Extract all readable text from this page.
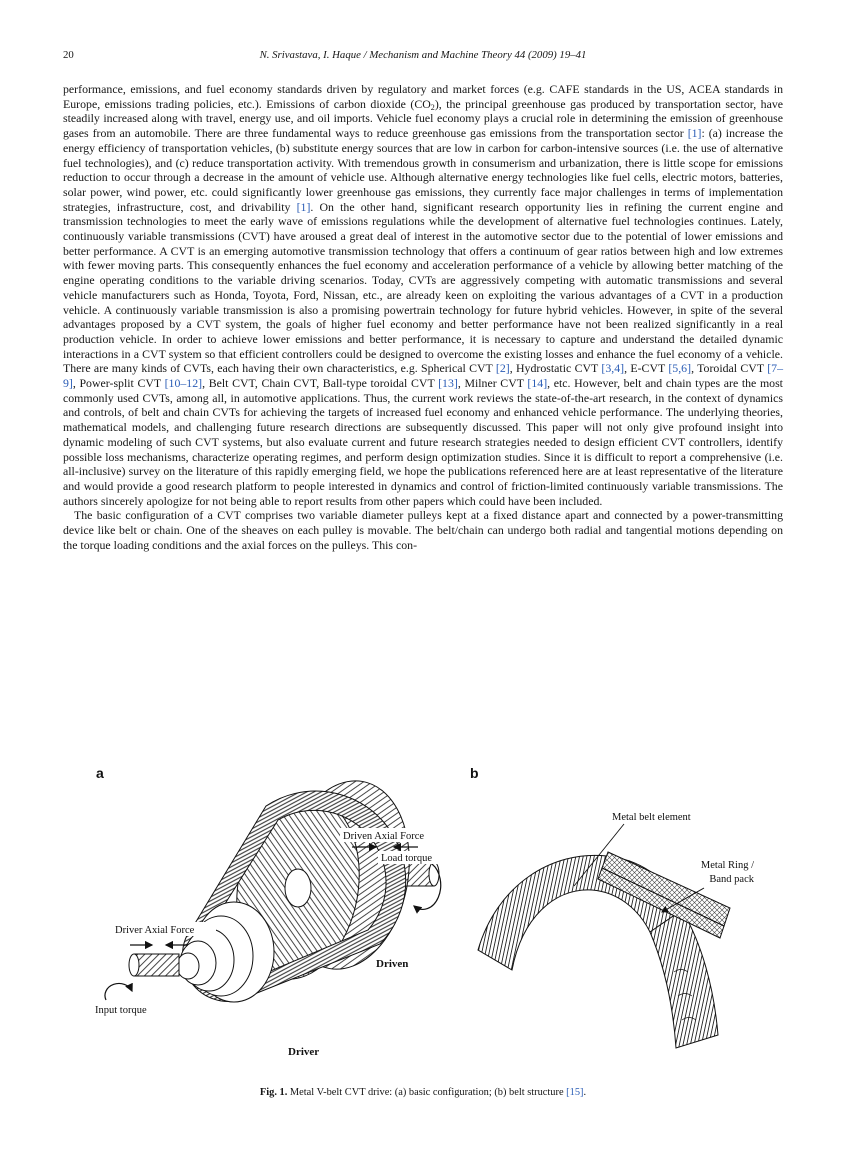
20	N. Srivastava, I. Haque / Mechanism and Machine Theory 44 (2009) 19–41

performance, emissions, and fuel economy standards driven by regulatory and market forces (e.g. CAFE standards in the US, ACEA standards in Europe, emissions trading policies, etc.). Emissions of carbon dioxide $(CO_2)$, the principal greenhouse gas produced by transportation sector, have steadily increased along with travel, energy use, and oil imports. Vehicle fuel economy plays a crucial role in determining the emission of greenhouse gases from an automobile. There are three fundamental ways to reduce greenhouse gas emissions from the transportation sector [1]: (a) increase the energy efficiency of transportation vehicles, (b) substitute energy sources that are low in carbon for carbon-intensive sources (i.e. the use of alternative fuel technologies), and (c) reduce transportation activity. With tremendous growth in consumerism and urbanization, there is little scope for emissions reduction to occur through a decrease in the amount of vehicle use. Although alternative energy technologies like fuel cells, electric motors, batteries, solar power, wind power, etc. could significantly lower greenhouse gas emissions, they currently face major challenges in terms of implementation strategies, infrastructure, cost, and drivability [1]. On the other hand, significant research opportunity lies in refining the current engine and transmission technologies to meet the early wave of emissions regulations while the development of alternative fuel technologies continues. Lately, continuously variable transmissions (CVT) have aroused a great deal of interest in the automotive sector due to the potential of lower emissions and better performance. A CVT is an emerging automotive transmission technology that offers a continuum of gear ratios between high and low extremes with fewer moving parts. This consequently enhances the fuel economy and acceleration performance of a vehicle by allowing better matching of the engine operating conditions to the variable driving scenarios. Today, CVTs are aggressively competing with automatic transmissions and several vehicle manufacturers such as Honda, Toyota, Ford, Nissan, etc., are already keen on exploiting the various advantages of a CVT in a production vehicle. A continuously variable transmission is also a promising powertrain technology for future hybrid vehicles. However, in spite of the several advantages proposed by a CVT system, the goals of higher fuel economy and better performance have not been realized significantly in a real production vehicle. In order to achieve lower emissions and better performance, it is necessary to capture and understand the detailed dynamic interactions in a CVT system so that efficient controllers could be designed to overcome the existing losses and enhance the fuel economy of a vehicle. There are many kinds of CVTs, each having their own characteristics, e.g. Spherical CVT [2], Hydrostatic CVT [3,4], E-CVT [5,6], Toroidal CVT [7–9], Power-split CVT [10–12], Belt CVT, Chain CVT, Ball-type toroidal CVT [13], Milner CVT [14], etc. However, belt and chain types are the most commonly used CVTs, among all, in automotive applications. Thus, the current work reviews the state-of-the-art research, in the context of dynamics and controls, of belt and chain CVTs for achieving the targets of increased fuel economy and enhanced vehicle performance. The underlying theories, mathematical models, and challenging future research directions are subsequently discussed. This paper will not only give profound insight into dynamic modeling of such CVT systems, but also evaluate current and future research strategies needed to design efficient CVT controllers, identify possible loss mechanisms, characterize operating regimes, and perform design optimization studies. Since it is difficult to report a comprehensive (i.e. all-inclusive) survey on the literature of this rapidly emerging field, we hope the publications referenced here are at least representative of the literature and would provide a good research platform to people interested in dynamics and control of friction-limited continuously variable transmissions. The authors sincerely apologize for not being able to report results from other papers which could have been included.

The basic configuration of a CVT comprises two variable diameter pulleys kept at a fixed distance apart and connected by a power-transmitting device like belt or chain. One of the sheaves on each pulley is movable. The belt/chain can undergo both radial and tangential motions depending on the torque loading conditions and the axial forces on the pulleys. This con-

a
Driven Axial Force
Load torque
Driver Axial Force
Input torque
Driven
Driver
b
Metal belt element
Metal Ring /
Band pack
Fig. 1. Metal V-belt CVT drive: (a) basic configuration; (b) belt structure [15].
